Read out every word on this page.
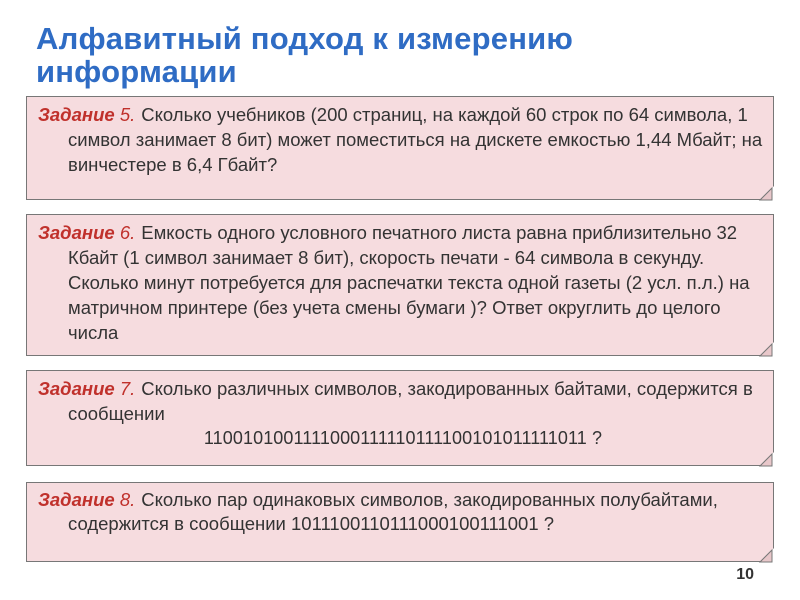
Алфавитный подход к измерению информации
Задание 5. Сколько учебников (200 страниц, на каждой 60 строк по 64 символа, 1 символ занимает 8 бит) может поместиться на дискете емкостью 1,44 Мбайт; на винчестере в 6,4 Гбайт?
Задание 6. Емкость одного условного печатного листа равна приблизительно 32 Кбайт (1 символ занимает 8 бит), скорость печати - 64 символа в секунду. Сколько минут потребуется для распечатки текста одной газеты (2 усл. п.л.) на матричном принтере (без учета смены бумаги )? Ответ округлить до целого числа
Задание 7. Сколько различных символов, закодированных байтами, содержится в сообщении
1100101001111000111110111100101011111011 ?
Задание 8. Сколько пар одинаковых символов, закодированных полубайтами, содержится в сообщении 1011100110111000100111001 ?
10
